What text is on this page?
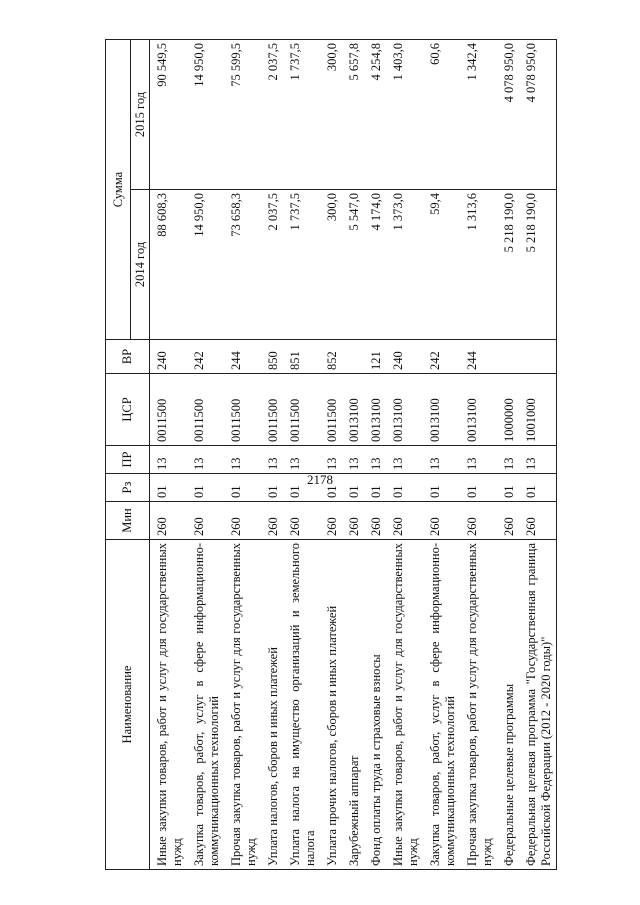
2178
Наименование	Мин	Рз	ПР	ЦСР	ВР	Сумма	
						2014 год	2015 год
Иные закупки товаров, работ и услуг для государственных нужд	260	01	13	0011500	240	88 608,3	90 549,5
Закупка товаров, работ, услуг в сфере информационно-коммуникационных технологий	260	01	13	0011500	242	14 950,0	14 950,0
Прочая закупка товаров, работ и услуг для государственных нужд	260	01	13	0011500	244	73 658,3	75 599,5
Уплата налогов, сборов и иных платежей	260	01	13	0011500	850	2 037,5	2 037,5
Уплата налога на имущество организаций и земельного налога	260	01	13	0011500	851	1 737,5	1 737,5
Уплата прочих налогов, сборов и иных платежей	260	01	13	0011500	852	300,0	300,0
Зарубежный аппарат	260	01	13	0013100		5 547,0	5 657,8
Фонд оплаты труда и страховые взносы	260	01	13	0013100	121	4 174,0	4 254,8
Иные закупки товаров, работ и услуг для государственных нужд	260	01	13	0013100	240	1 373,0	1 403,0
Закупка товаров, работ, услуг в сфере информационно-коммуникационных технологий	260	01	13	0013100	242	59,4	60,6
Прочая закупка товаров, работ и услуг для государственных нужд	260	01	13	0013100	244	1 313,6	1 342,4
Федеральные целевые программы	260	01	13	1000000		5 218 190,0	4 078 950,0
Федеральная целевая программа "Государственная граница Российской Федерации (2012 - 2020 годы)"	260	01	13	1001000		5 218 190,0	4 078 950,0
